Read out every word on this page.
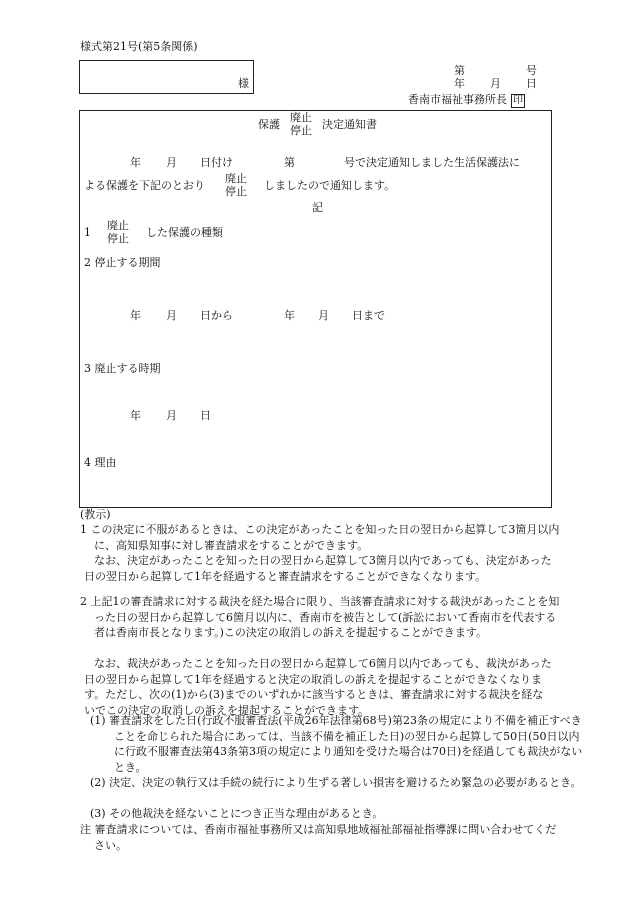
様式第21号(第5条関係)
様
第	号
年 月 日
香南市福祉事務所長 印
保護
廃止
停止 決定通知書
年 月 日付け	第	号で決定通知しました生活保護法に
よる保護を下記のとおり
廃止
停止 しましたので通知します。
記
1
廃止
停止 した保護の種類
2 停止する期間
年 月 日から	年 月 日まで
3 廃止する時期
年 月 日
4 理由
(教示)
1 この決定に不服があるときは、この決定があったことを知った日の翌日から起算して3箇月以内に、高知県知事に対し審査請求をすることができます。
なお、決定があったことを知った日の翌日から起算して3箇月以内であっても、決定があった日の翌日から起算して1年を経過すると審査請求をすることができなくなります。
2 上記1の審査請求に対する裁決を経た場合に限り、当該審査請求に対する裁決があったことを知った日の翌日から起算して6箇月以内に、香南市を被告として(訴訟において香南市を代表する者は香南市長となります。)この決定の取消しの訴えを提起することができます。
なお、裁決があったことを知った日の翌日から起算して6箇月以内であっても、裁決があった日の翌日から起算して1年を経過すると決定の取消しの訴えを提起することができなくなります。ただし、次の(1)から(3)までのいずれかに該当するときは、審査請求に対する裁決を経ないでこの決定の取消しの訴えを提起することができます。
(1) 審査請求をした日(行政不服審査法(平成26年法律第68号)第23条の規定により不備を補正すべきことを命じられた場合にあっては、当該不備を補正した日)の翌日から起算して50日(50日以内に行政不服審査法第43条第3項の規定により通知を受けた場合は70日)を経過しても裁決がないとき。
(2) 決定、決定の執行又は手続の続行により生ずる著しい損害を避けるため緊急の必要があるとき。
(3) その他裁決を経ないことにつき正当な理由があるとき。
注 審査請求については、香南市福祉事務所又は高知県地域福祉部福祉指導課に問い合わせてください。
